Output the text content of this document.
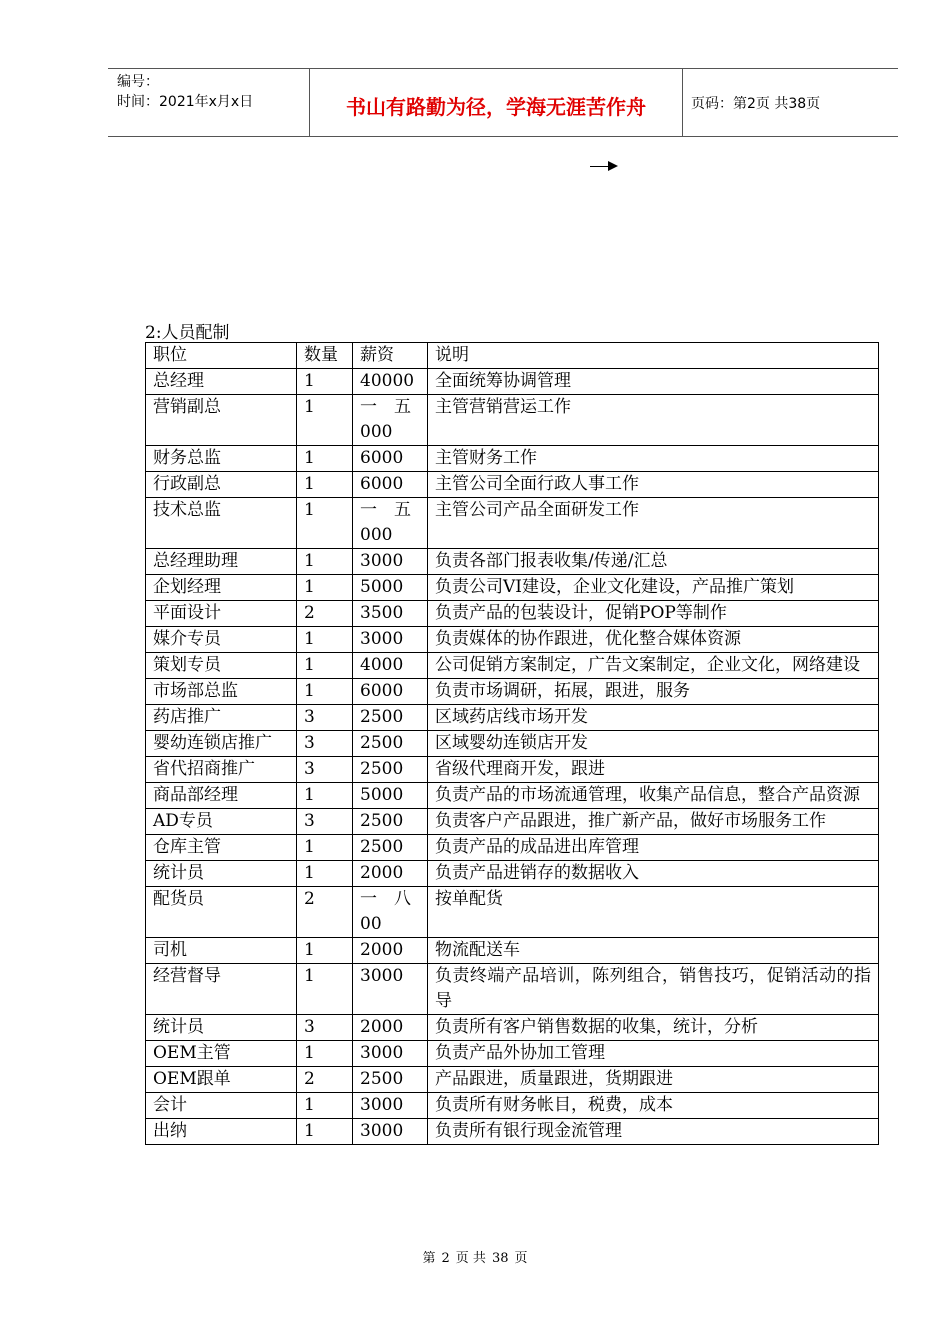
编号：
时间：2021年x月x日	书山有路勤为径，学海无涯苦作舟	页码：第2页 共38页
2:人员配制
职位	数量	薪资	说明
总经理	1	40000	全面统筹协调管理
营销副总	1	一　五000	主管营销营运工作
财务总监	1	6000	主管财务工作
行政副总	1	6000	主管公司全面行政人事工作
技术总监	1	一　五000	主管公司产品全面研发工作
总经理助理	1	3000	负责各部门报表收集/传递/汇总
企划经理	1	5000	负责公司VI建设，企业文化建设，产品推广策划
平面设计	2	3500	负责产品的包装设计，促销POP等制作
媒介专员	1	3000	负责媒体的协作跟进，优化整合媒体资源
策划专员	1	4000	公司促销方案制定，广告文案制定，企业文化，网络建设
市场部总监	1	6000	负责市场调研，拓展，跟进，服务
药店推广	3	2500	区域药店线市场开发
婴幼连锁店推广	3	2500	区域婴幼连锁店开发
省代招商推广	3	2500	省级代理商开发，跟进
商品部经理	1	5000	负责产品的市场流通管理，收集产品信息，整合产品资源
AD专员	3	2500	负责客户产品跟进，推广新产品，做好市场服务工作
仓库主管	1	2500	负责产品的成品进出库管理
统计员	1	2000	负责产品进销存的数据收入
配货员	2	一　八00	按单配货
司机	1	2000	物流配送车
经营督导	1	3000	负责终端产品培训，陈列组合，销售技巧，促销活动的指导
统计员	3	2000	负责所有客户销售数据的收集，统计，分析
OEM主管	1	3000	负责产品外协加工管理
OEM跟单	2	2500	产品跟进，质量跟进，货期跟进
会计	1	3000	负责所有财务帐目，税费，成本
出纳	1	3000	负责所有银行现金流管理
第 2 页 共 38 页
